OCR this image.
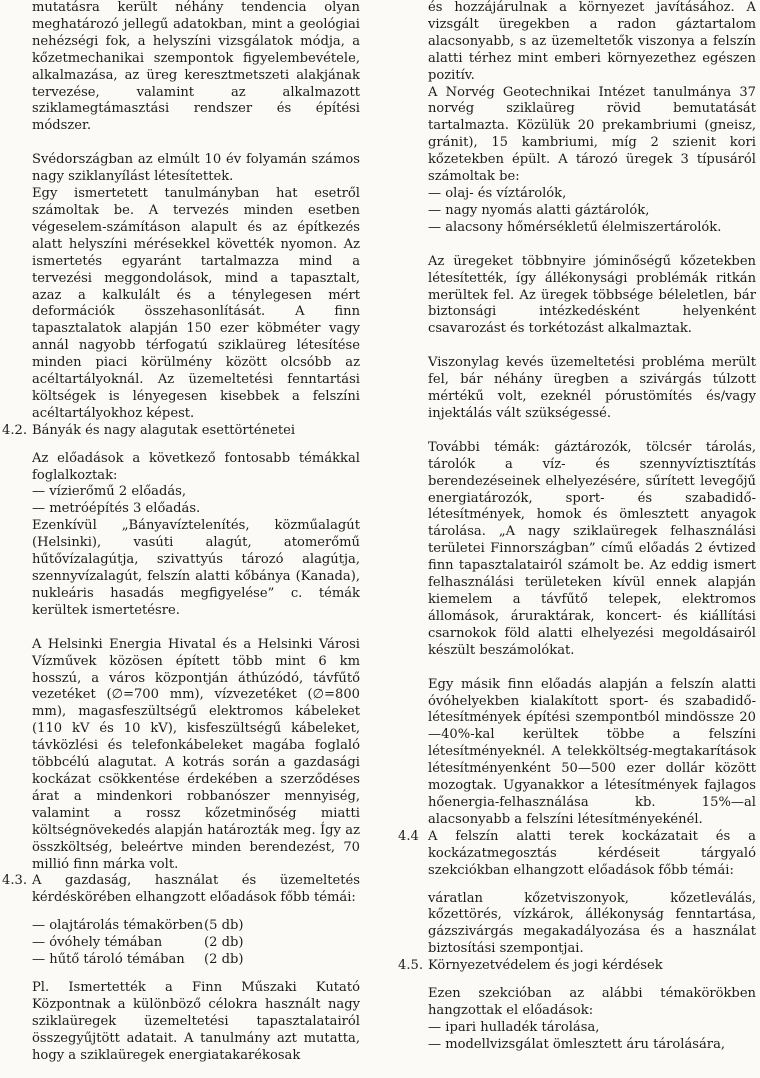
mutatásra került néhány tendencia olyan meghatározó jellegű adatokban, mint a geológiai nehézségi fok, a helyszíni vizsgálatok módja, a kőzetmechanikai szempontok figyelembevétele, alkalmazása, az üreg keresztmetszeti alakjának tervezése, valamint az alkalmazott sziklamegtámasztási rendszer és építési módszer.

Svédországban az elmúlt 10 év folyamán számos nagy sziklanyílást létesítettek.

Egy ismertetett tanulmányban hat esetről számoltak be. A tervezés minden esetben végeselem-számításon alapult és az építkezés alatt helyszíni mérésekkel követték nyomon. Az ismertetés egyaránt tartalmazza mind a tervezési meggondolások, mind a tapasztalt, azaz a kalkulált és a ténylegesen mért deformációk összehasonlítását. A finn tapasztalatok alapján 150 ezer köbméter vagy annál nagyobb térfogatú sziklaüreg létesítése minden piaci körülmény között olcsóbb az acéltartályoknál. Az üzemeltetési fenntartási költségek is lényegesen kisebbek a felszíni acéltartályokhoz képest.

4.2. Bányák és nagy alagutak esettörténetei

Az előadások a következő fontosabb témákkal foglalkoztak:

— vízierőmű 2 előadás,

— metróépítés 3 előadás.

Ezenkívül „Bányavíztelenítés, közműalagút (Helsinki), vasúti alagút, atomerőmű hűtővízalagútja, szivattyús tározó alagútja, szennyvízalagút, felszín alatti kőbánya (Kanada), nukleáris hasadás megfigyelése” c. témák kerültek ismertetésre.

A Helsinki Energia Hivatal és a Helsinki Városi Vízművek közösen épített több mint 6 km hosszú, a város központján áthúzódó, távfűtő vezetéket (∅=700 mm), vízvezetéket (∅=800 mm), magasfeszültségű elektromos kábeleket (110 kV és 10 kV), kisfeszültségű kábeleket, távközlési és telefonkábeleket magába foglaló többcélú alagutat. A kotrás során a gazdasági kockázat csökkentése érdekében a szerződéses árat a mindenkori robbanószer mennyiség, valamint a rossz kőzetminőség miatti költségnövekedés alapján határozták meg. Így az összköltség, beleértve minden berendezést, 70 millió finn márka volt.

4.3. A gazdaság, használat és üzemeltetés kérdéskörében elhangzott előadások főbb témái:
— olajtárolás témakörben (5 db)
— óvóhely témában	(2 db)
— hűtő tároló témában	(2 db)

Pl. Ismertették a Finn Műszaki Kutató Központnak a különböző célokra használt nagy sziklaüregek üzemeltetési tapasztalatairól összegyűjtött adatait. A tanulmány azt mutatta, hogy a sziklaüregek energiatakarékosak

és hozzájárulnak a környezet javításához. A vizsgált üregekben a radon gáztartalom alacsonyabb, s az üzemeltetők viszonya a felszín alatti térhez mint emberi környezethez egészen pozitív.

A Norvég Geotechnikai Intézet tanulmánya 37 norvég sziklaüreg rövid bemutatását tartalmazta. Közülük 20 prekambriumi (gneisz, gránit), 15 kambriumi, míg 2 szienit kori kőzetekben épült. A tározó üregek 3 típusáról számoltak be:

— olaj- és víztárolók,

— nagy nyomás alatti gáztárolók,

— alacsony hőmérsékletű élelmiszertárolók.

Az üregeket többnyire jóminőségű kőzetekben létesítették, így állékonysági problémák ritkán merültek fel. Az üregek többsége béleletlen, bár biztonsági intézkedésként helyenként csavarozást és torkétozást alkalmaztak.

Viszonylag kevés üzemeltetési probléma merült fel, bár néhány üregben a szivárgás túlzott mértékű volt, ezeknél pórustömítés és/vagy injektálás vált szükségessé.

További témák: gáztározók, tölcsér tárolás, tárolók a víz- és szennyvíztisztítás berendezéseinek elhelyezésére, sűrített levegőjű energiatározók, sport- és szabadidő-létesítmények, homok és ömlesztett anyagok tárolása. „A nagy sziklaüregek felhasználási területei Finnországban” című előadás 2 évtized finn tapasztalatairól számolt be. Az eddig ismert felhasználási területeken kívül ennek alapján kiemelem a távfűtő telepek, elektromos állomások, áruraktárak, koncert- és kiállítási csarnokok föld alatti elhelyezési megoldásairól készült beszámolókat.

Egy másik finn előadás alapján a felszín alatti óvóhelyekben kialakított sport- és szabadidő-létesítmények építési szempontból mindössze 20—40%-kal kerültek többe a felszíni létesítményeknél. A telekköltség-megtakarítások létesítményenként 50—500 ezer dollár között mozogtak. Ugyanakkor a létesítmények fajlagos hőenergia-felhasználása kb. 15%—al alacsonyabb a felszíni létesítményekénél.

4.4 A felszín alatti terek kockázatait és a kockázatmegosztás kérdéseit tárgyaló szekciókban elhangzott előadások főbb témái:

váratlan kőzetviszonyok, kőzetleválás, kőzettörés, vízkárok, állékonyság fenntartása, gázszivárgás megakadályozása és a használat biztosítási szempontjai.

4.5. Környezetvédelem és jogi kérdések

Ezen szekcióban az alábbi témakörökben hangzottak el előadások:

— ipari hulladék tárolása,

— modellvizsgálat ömlesztett áru tárolására,
